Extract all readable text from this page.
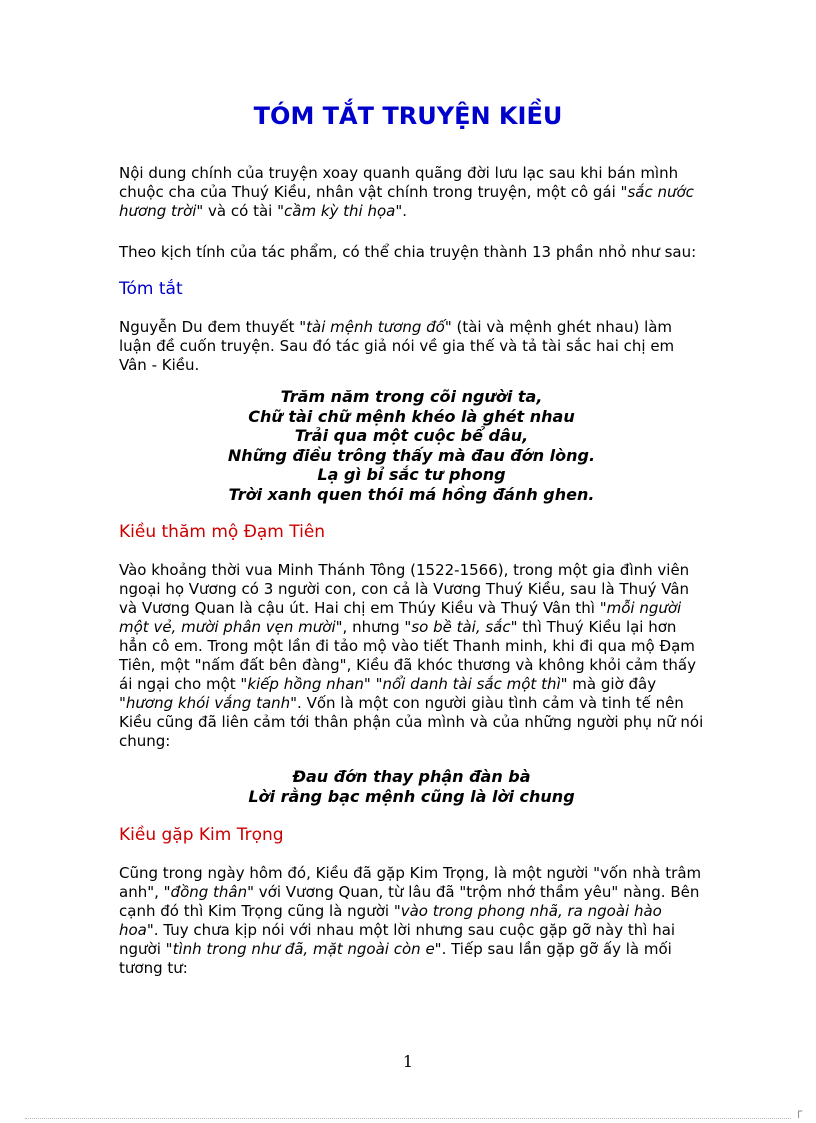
TÓM TẮT TRUYỆN KIỀU

Nội dung chính của truyện xoay quanh quãng đời lưu lạc sau khi bán mình chuộc cha của Thuý Kiều, nhân vật chính trong truyện, một cô gái "sắc nước hương trời" và có tài "cầm kỳ thi họa".

Theo kịch tính của tác phẩm, có thể chia truyện thành 13 phần nhỏ như sau:

Tóm tắt

Nguyễn Du đem thuyết "tài mệnh tương đố" (tài và mệnh ghét nhau) làm luận đề cuốn truyện. Sau đó tác giả nói về gia thế và tả tài sắc hai chị em Vân - Kiều.

Trăm năm trong cõi người ta,
Chữ tài chữ mệnh khéo là ghét nhau
Trải qua một cuộc bể dâu,
Những điều trông thấy mà đau đớn lòng.
Lạ gì bỉ sắc tư phong
Trời xanh quen thói má hồng đánh ghen.
Kiều thăm mộ Đạm Tiên

Vào khoảng thời vua Minh Thánh Tông (1522-1566), trong một gia đình viên ngoại họ Vương có 3 người con, con cả là Vương Thuý Kiều, sau là Thuý Vân và Vương Quan là cậu út. Hai chị em Thúy Kiều và Thuý Vân thì "mỗi người một vẻ, mười phân vẹn mười", nhưng "so bề tài, sắc" thì Thuý Kiều lại hơn hẳn cô em. Trong một lần đi tảo mộ vào tiết Thanh minh, khi đi qua mộ Đạm Tiên, một "nấm đất bên đàng", Kiều đã khóc thương và không khỏi cảm thấy ái ngại cho một "kiếp hồng nhan" "nổi danh tài sắc một thì" mà giờ đây "hương khói vắng tanh". Vốn là một con người giàu tình cảm và tinh tế nên Kiều cũng đã liên cảm tới thân phận của mình và của những người phụ nữ nói chung:

Đau đớn thay phận đàn bà
Lời rằng bạc mệnh cũng là lời chung
Kiều gặp Kim Trọng

Cũng trong ngày hôm đó, Kiều đã gặp Kim Trọng, là một người "vốn nhà trâm anh", "đồng thân" với Vương Quan, từ lâu đã "trộm nhớ thầm yêu" nàng. Bên cạnh đó thì Kim Trọng cũng là người "vào trong phong nhã, ra ngoài hào hoa". Tuy chưa kịp nói với nhau một lời nhưng sau cuộc gặp gỡ này thì hai người "tình trong như đã, mặt ngoài còn e". Tiếp sau lần gặp gỡ ấy là mối tương tư:

1
┌
